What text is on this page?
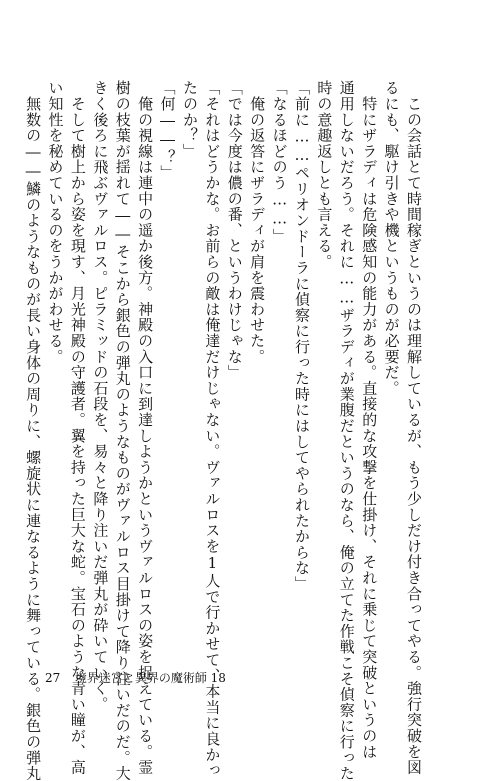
　この会話とて時間稼ぎというのは理解しているが、もう少しだけ付き合ってやる。強行突破を図

るにも、駆け引きや機というものが必要だ。

　特にザラディは危険感知の能力がある。直接的な攻撃を仕掛け、それに乗じて突破というのは

通用しないだろう。それに……ザラディが業腹だというのなら、俺の立てた作戦こそ偵察に行った

時の意趣返しとも言える。

「前に……ペリオンドーラに偵察に行った時にはしてやられたからな」

「なるほどのう……」

　俺の返答にザラディが肩を震わせた。

「では今度は儂の番、というわけじゃな」

「それはどうかな。お前らの敵は俺達だけじゃない。ヴァルロスを1人で行かせて、本当に良かっ

たのか？」

「何――？」

　俺の視線は連中の遥か後方。神殿の入口に到達しようかというヴァルロスの姿を捉えている。霊

樹の枝葉が揺れて――そこから銀色の弾丸のようなものがヴァルロス目掛けて降り注いだのだ。大

きく後ろに飛ぶヴァルロス。ピラミッドの石段を、易々と降り注いだ弾丸が砕いていく。

　そして樹上から姿を現す、月光神殿の守護者。翼を持った巨大な蛇。宝石のような青い瞳が、高

い知性を秘めているのをうかがわせる。

　無数の――鱗のようなものが長い身体の周りに、螺旋状に連なるように舞っている。銀色の弾丸 27 境界迷宮と異界の魔術師 18
